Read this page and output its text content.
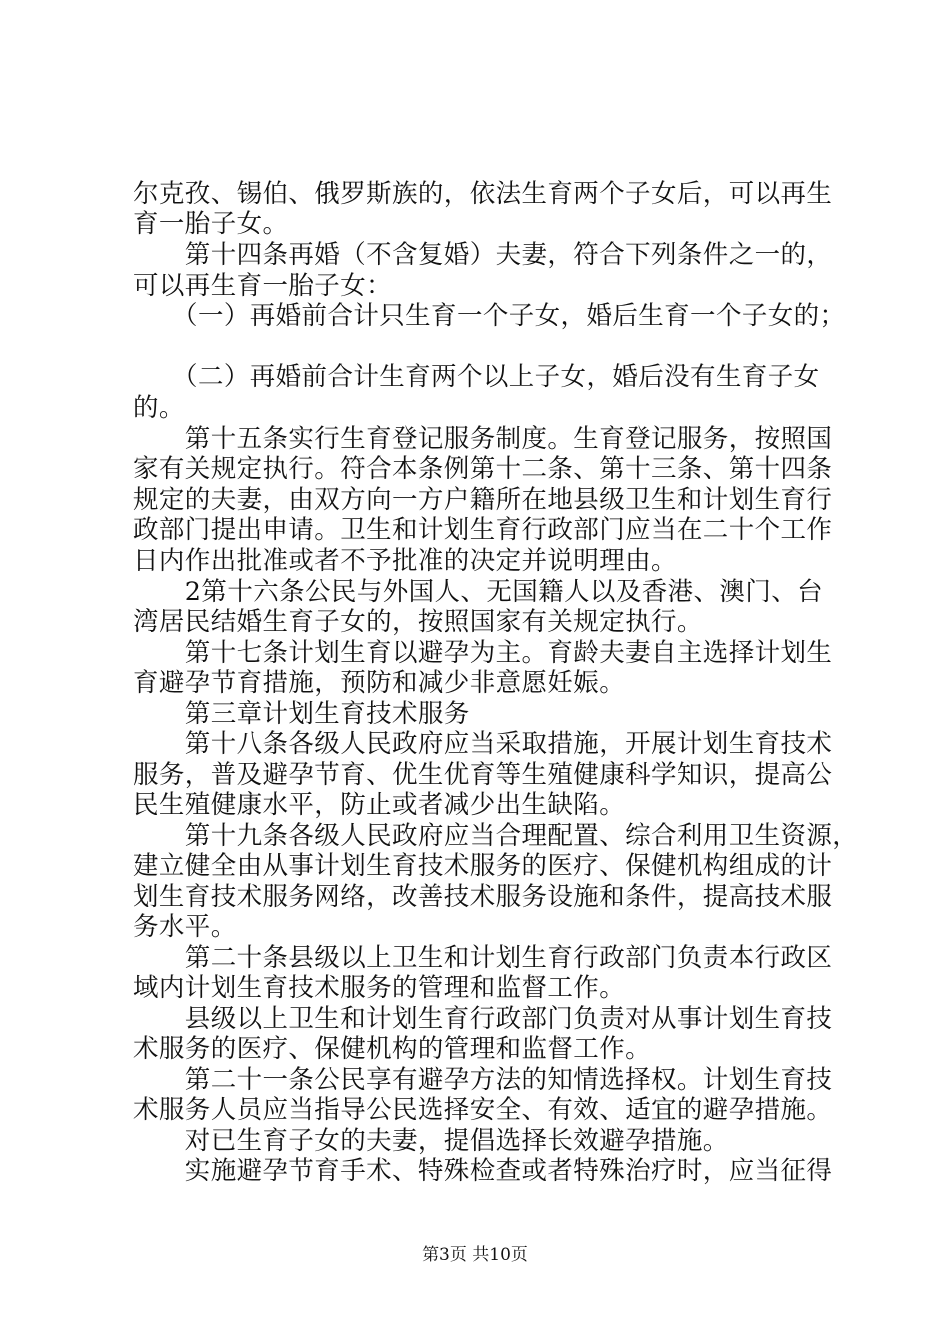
尔克孜、锡伯、俄罗斯族的，依法生育两个子女后，可以再生
育一胎子女。
　　第十四条再婚（不含复婚）夫妻，符合下列条件之一的，
可以再生育一胎子女：
　　（一）再婚前合计只生育一个子女，婚后生育一个子女的；
　　（二）再婚前合计生育两个以上子女，婚后没有生育子女
的。
　　第十五条实行生育登记服务制度。生育登记服务，按照国
家有关规定执行。符合本条例第十二条、第十三条、第十四条
规定的夫妻，由双方向一方户籍所在地县级卫生和计划生育行
政部门提出申请。卫生和计划生育行政部门应当在二十个工作
日内作出批准或者不予批准的决定并说明理由。
　　2第十六条公民与外国人、无国籍人以及香港、澳门、台
湾居民结婚生育子女的，按照国家有关规定执行。
　　第十七条计划生育以避孕为主。育龄夫妻自主选择计划生
育避孕节育措施，预防和减少非意愿妊娠。
　　第三章计划生育技术服务
　　第十八条各级人民政府应当采取措施，开展计划生育技术
服务，普及避孕节育、优生优育等生殖健康科学知识，提高公
民生殖健康水平，防止或者减少出生缺陷。
　　第十九条各级人民政府应当合理配置、综合利用卫生资源，
建立健全由从事计划生育技术服务的医疗、保健机构组成的计
划生育技术服务网络，改善技术服务设施和条件，提高技术服
务水平。
　　第二十条县级以上卫生和计划生育行政部门负责本行政区
域内计划生育技术服务的管理和监督工作。
　　县级以上卫生和计划生育行政部门负责对从事计划生育技
术服务的医疗、保健机构的管理和监督工作。
　　第二十一条公民享有避孕方法的知情选择权。计划生育技
术服务人员应当指导公民选择安全、有效、适宜的避孕措施。
　　对已生育子女的夫妻，提倡选择长效避孕措施。
　　实施避孕节育手术、特殊检查或者特殊治疗时，应当征得
第3页 共10页
